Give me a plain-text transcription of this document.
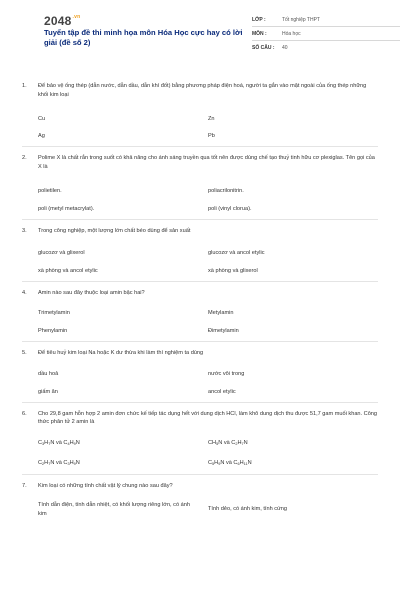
$2048^{.vn}$
Tuyển tập đề thi minh họa môn Hóa Học cực hay có lời giải (đề số 2)
LỚP :	Tốt nghiệp THPT
MÔN :	Hóa học
SỐ CÂU :	40
1.	Để bảo vệ ống thép (dẫn nước, dẫn dầu, dẫn khí đốt) bằng phương pháp điện hoá, người ta gắn vào mặt ngoài của ống thép những khối kim loại
Cu	Zn
Ag	Pb
2.	Polime X là chất rắn trong suốt có khả năng cho ánh sáng truyền qua tốt nên được dùng chế tạo thuỷ tinh hữu cơ plexiglas. Tên gọi của X là
polietilen.	poliacrilonitrin.
poli (metyl metacrylat).	poli (vinyl clorua).
3.	Trong công nghiệp, một lượng lớn chất béo dùng để sản xuất
glucozơ và glixerol	glucozơ và ancol etylic
xà phòng và ancol etylic	xà phòng và glixerol
4.	Amin nào sau đây thuộc loại amin bậc hai?
Trimetylamin	Metylamin
Phenylamin	Đimetylamin
5.	Để tiêu huỷ kim loại Na hoặc K dư thừa khi làm thí nghiệm ta dùng
dầu hoả	nước vôi trong
giấm ăn	ancol etylic
6.	Cho 29,8 gam hỗn hợp 2 amin đơn chức kế tiếp tác dụng hết với dung dịch HCl, làm khô dung dịch thu được 51,7 gam muối khan. Công thức phân tử 2 amin là
$C_3H_7N$ và $C_4H_9N$	$CH_5N$ và $C_2H_7N$
$C_2H_7N$ và $C_3H_9N$	$C_5H_9N$ và $C_6H_{11}N$
7.	Kim loại có những tính chất vật lý chung nào sau đây?
Tính dẫn điện, tính dẫn nhiệt, có khối lượng riêng lớn, có ánh kim
Tính dẻo, có ánh kim, tính cứng
